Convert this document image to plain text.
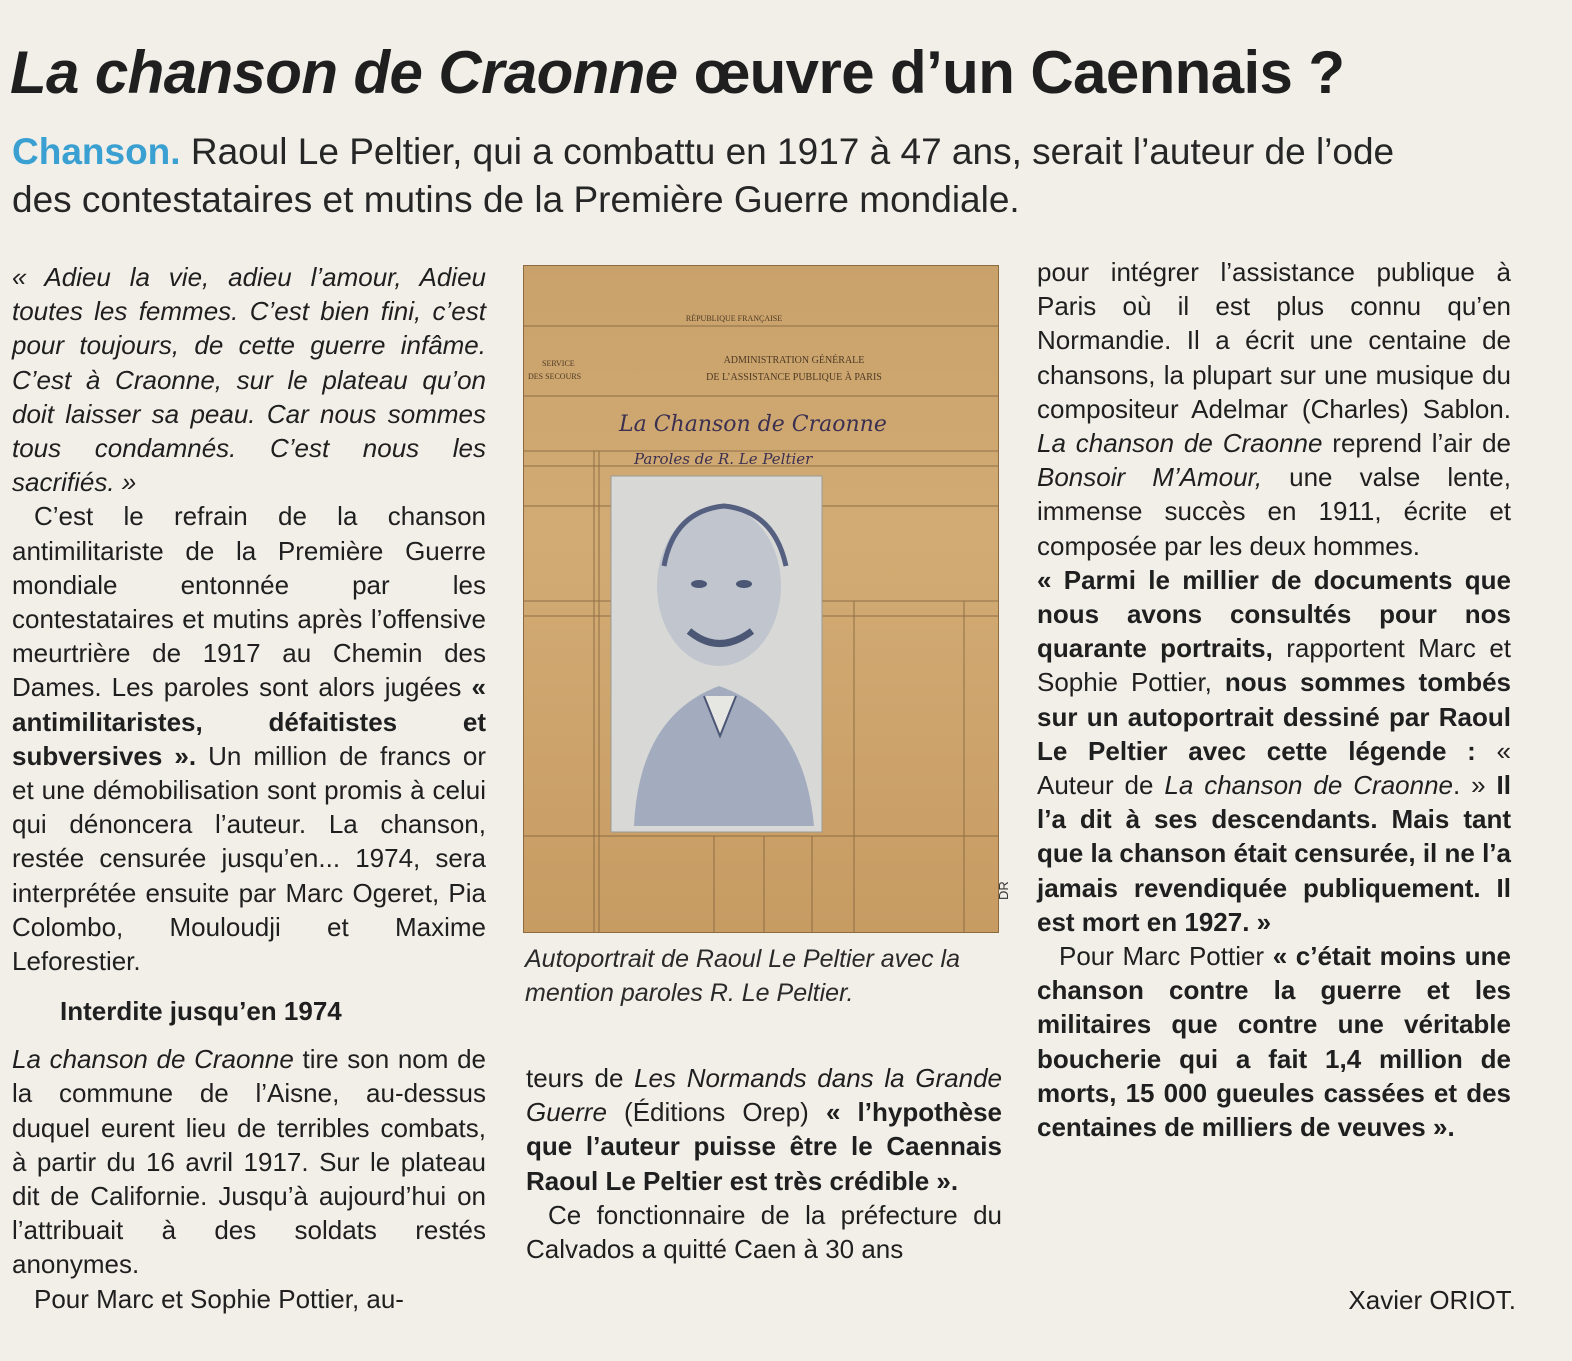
La chanson de Craonne œuvre d’un Caennais ?

Chanson. Raoul Le Peltier, qui a combattu en 1917 à 47 ans, serait l’auteur de l’ode des contestataires et mutins de la Première Guerre mondiale.

« Adieu la vie, adieu l’amour, Adieu toutes les femmes. C’est bien fini, c’est pour toujours, de cette guerre infâme. C’est à Craonne, sur le plateau qu’on doit laisser sa peau. Car nous sommes tous condamnés. C’est nous les sacrifiés. »

C’est le refrain de la chanson antimilitariste de la Première Guerre mondiale entonnée par les contestataires et mutins après l’offensive meurtrière de 1917 au Chemin des Dames. Les paroles sont alors jugées « antimilitaristes, défaitistes et subversives ». Un million de francs or et une démobilisation sont promis à celui qui dénoncera l’auteur. La chanson, restée censurée jusqu’en... 1974, sera interprétée ensuite par Marc Ogeret, Pia Colombo, Mouloudji et Maxime Leforestier.

Interdite jusqu’en 1974

La chanson de Craonne tire son nom de la commune de l’Aisne, au-dessus duquel eurent lieu de terribles combats, à partir du 16 avril 1917. Sur le plateau dit de Californie. Jusqu’à aujourd’hui on l’attribuait à des soldats restés anonymes.

Pour Marc et Sophie Pottier, au-

RÉPUBLIQUE FRANÇAISE
SERVICE
DES SECOURS
ADMINISTRATION GÉNÉRALE
DE L’ASSISTANCE PUBLIQUE À PARIS
La Chanson de Craonne
Paroles de R. Le Peltier
DR

Autoportrait de Raoul Le Peltier avec la mention paroles R. Le Peltier.

teurs de Les Normands dans la Grande Guerre (Éditions Orep) « l’hypothèse que l’auteur puisse être le Caennais Raoul Le Peltier est très crédible ».

Ce fonctionnaire de la préfecture du Calvados a quitté Caen à 30 ans

pour intégrer l’assistance publique à Paris où il est plus connu qu’en Normandie. Il a écrit une centaine de chansons, la plupart sur une musique du compositeur Adelmar (Charles) Sablon. La chanson de Craonne reprend l’air de Bonsoir M’Amour, une valse lente, immense succès en 1911, écrite et composée par les deux hommes.

« Parmi le millier de documents que nous avons consultés pour nos quarante portraits, rapportent Marc et Sophie Pottier, nous sommes tombés sur un autoportrait dessiné par Raoul Le Peltier avec cette légende : « Auteur de La chanson de Craonne. » Il l’a dit à ses descendants. Mais tant que la chanson était censurée, il ne l’a jamais revendiquée publiquement. Il est mort en 1927. »

Pour Marc Pottier « c’était moins une chanson contre la guerre et les militaires que contre une véritable boucherie qui a fait 1,4 million de morts, 15 000 gueules cassées et des centaines de milliers de veuves ».

Xavier ORIOT.
